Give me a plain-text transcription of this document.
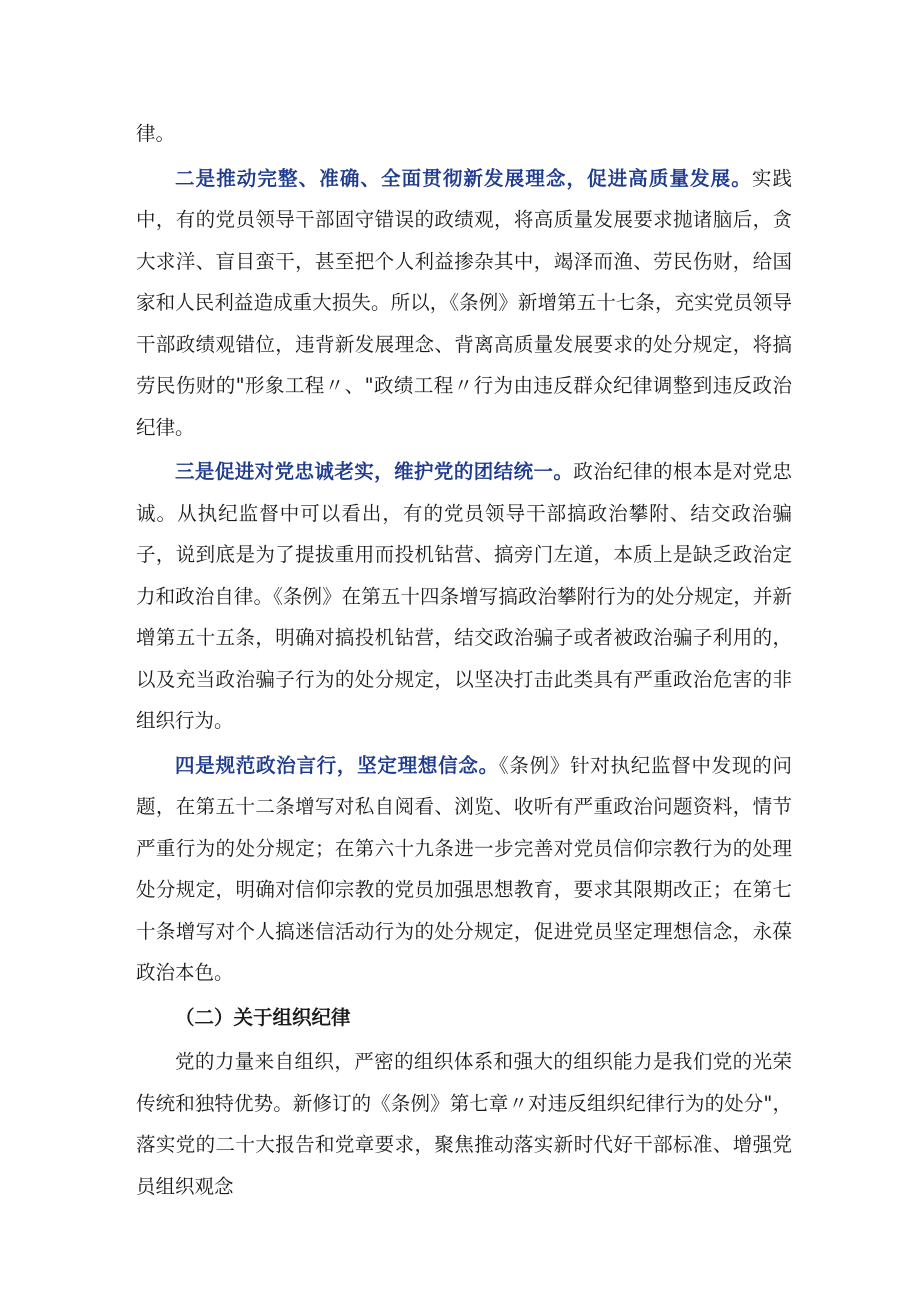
律。

二是推动完整、准确、全面贯彻新发展理念，促进高质量发展。实践中，有的党员领导干部固守错误的政绩观，将高质量发展要求抛诸脑后，贪大求洋、盲目蛮干，甚至把个人利益掺杂其中，竭泽而渔、劳民伤财，给国家和人民利益造成重大损失。所以，《条例》新增第五十七条，充实党员领导干部政绩观错位，违背新发展理念、背离高质量发展要求的处分规定，将搞劳民伤财的"形象工程〃、"政绩工程〃行为由违反群众纪律调整到违反政治纪律。

三是促进对党忠诚老实，维护党的团结统一。政治纪律的根本是对党忠诚。从执纪监督中可以看出，有的党员领导干部搞政治攀附、结交政治骗子，说到底是为了提拔重用而投机钻营、搞旁门左道，本质上是缺乏政治定力和政治自律。《条例》在第五十四条增写搞政治攀附行为的处分规定，并新增第五十五条，明确对搞投机钻营，结交政治骗子或者被政治骗子利用的，以及充当政治骗子行为的处分规定，以坚决打击此类具有严重政治危害的非组织行为。

四是规范政治言行，坚定理想信念。《条例》针对执纪监督中发现的问题，在第五十二条增写对私自阅看、浏览、收听有严重政治问题资料，情节严重行为的处分规定；在第六十九条进一步完善对党员信仰宗教行为的处理处分规定，明确对信仰宗教的党员加强思想教育，要求其限期改正；在第七十条增写对个人搞迷信活动行为的处分规定，促进党员坚定理想信念，永葆政治本色。

（二）关于组织纪律

党的力量来自组织，严密的组织体系和强大的组织能力是我们党的光荣传统和独特优势。新修订的《条例》第七章〃对违反组织纪律行为的处分"，落实党的二十大报告和党章要求，聚焦推动落实新时代好干部标准、增强党员组织观念
